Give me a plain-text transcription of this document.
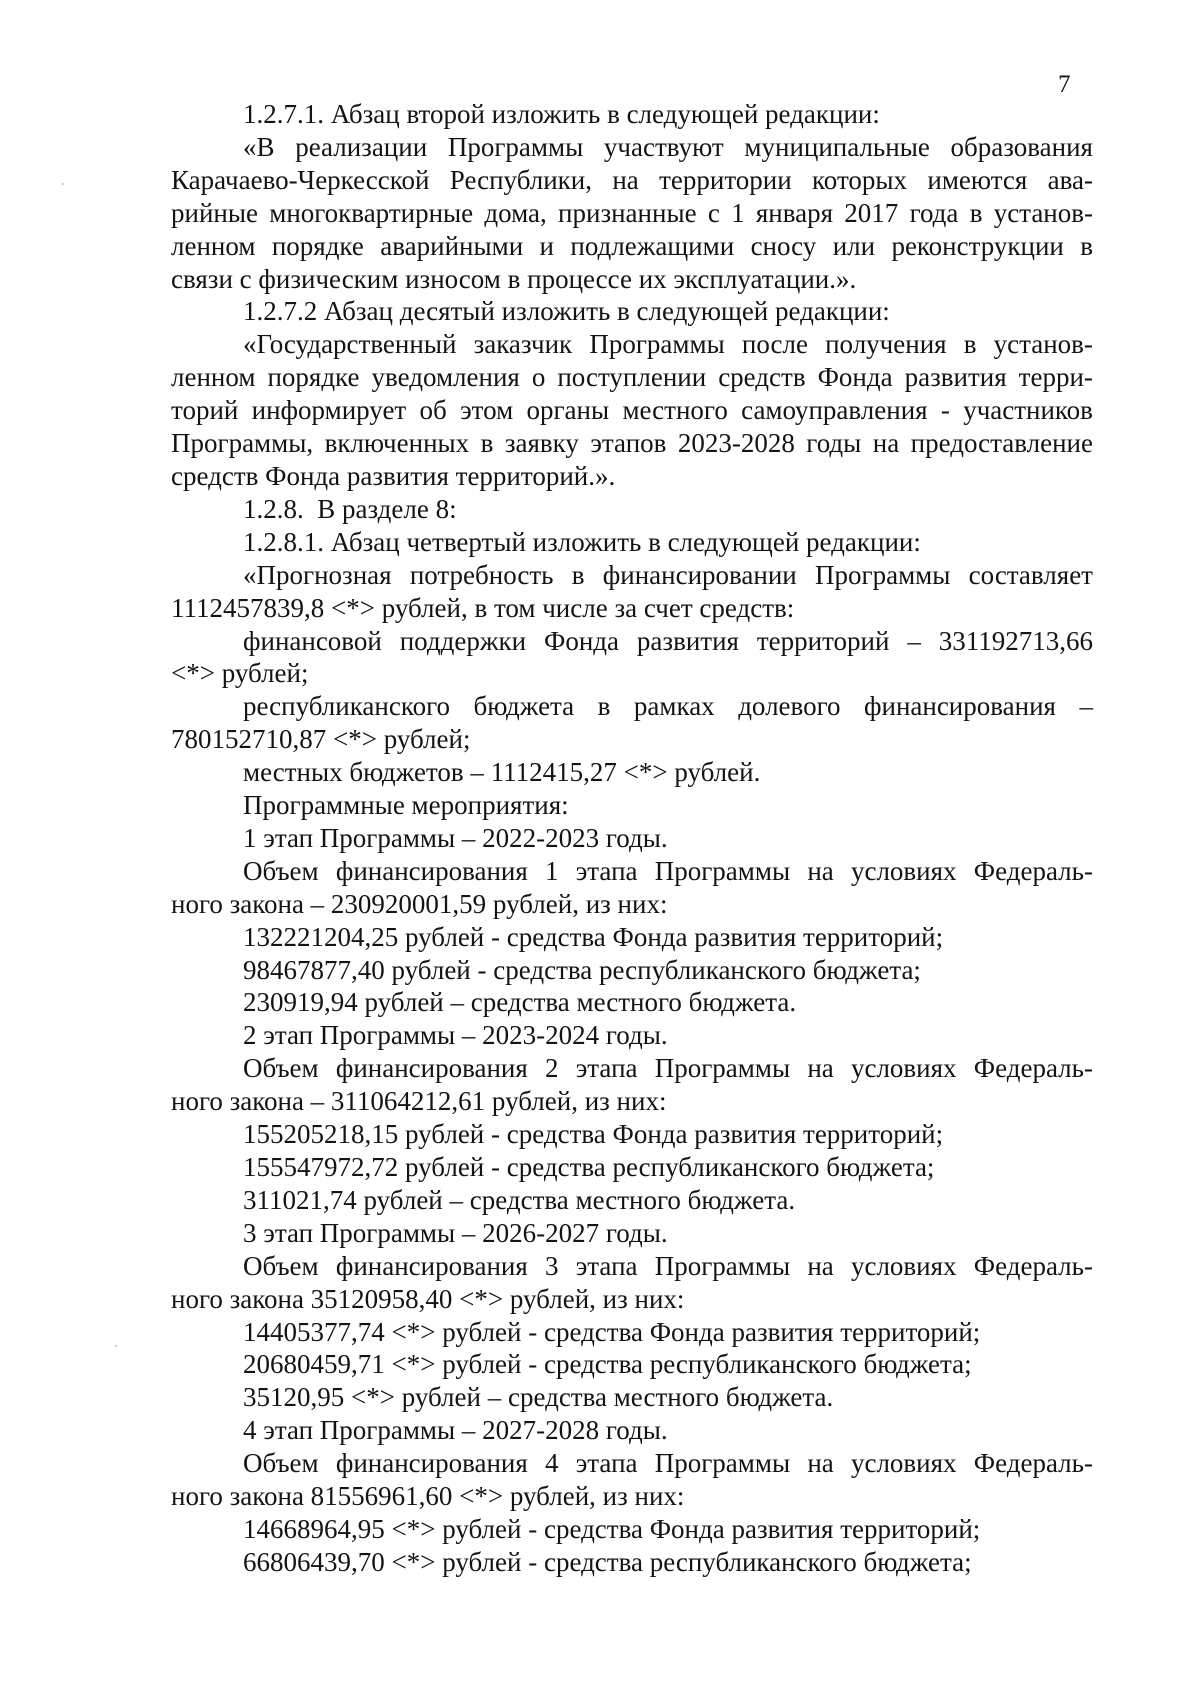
7

1.2.7.1. Абзац второй изложить в следующей редакции:

«В реализации Программы участвуют муниципальные образования
Карачаево-Черкесской Республики, на территории которых имеются ава-
рийные многоквартирные дома, признанные с 1 января 2017 года в установ-
ленном порядке аварийными и подлежащими сносу или реконструкции в
связи с физическим износом в процессе их эксплуатации.».

1.2.7.2 Абзац десятый изложить в следующей редакции:

«Государственный заказчик Программы после получения в установ-
ленном порядке уведомления о поступлении средств Фонда развития терри-
торий информирует об этом органы местного самоуправления - участников
Программы, включенных в заявку этапов 2023-2028 годы на предоставление
средств Фонда развития территорий.».

1.2.8.  В разделе 8:

1.2.8.1. Абзац четвертый изложить в следующей редакции:

«Прогнозная потребность в финансировании Программы составляет
1112457839,8 <*> рублей, в том числе за счет средств:

финансовой поддержки Фонда развития территорий – 331192713,66
<*> рублей;

республиканского бюджета в рамках долевого финансирования –
780152710,87 <*> рублей;

местных бюджетов – 1112415,27 <*> рублей.

Программные мероприятия:

1 этап Программы – 2022-2023 годы.

Объем финансирования 1 этапа Программы на условиях Федераль-
ного закона – 230920001,59 рублей, из них:

132221204,25 рублей - средства Фонда развития территорий;

98467877,40 рублей - средства республиканского бюджета;

230919,94 рублей – средства местного бюджета.

2 этап Программы – 2023-2024 годы.

Объем финансирования 2 этапа Программы на условиях Федераль-
ного закона – 311064212,61 рублей, из них:

155205218,15 рублей - средства Фонда развития территорий;

155547972,72 рублей - средства республиканского бюджета;

311021,74 рублей – средства местного бюджета.

3 этап Программы – 2026-2027 годы.

Объем финансирования 3 этапа Программы на условиях Федераль-
ного закона 35120958,40 <*> рублей, из них:

14405377,74 <*> рублей - средства Фонда развития территорий;

20680459,71 <*> рублей - средства республиканского бюджета;

35120,95 <*> рублей – средства местного бюджета.

4 этап Программы – 2027-2028 годы.

Объем финансирования 4 этапа Программы на условиях Федераль-
ного закона 81556961,60 <*> рублей, из них:

14668964,95 <*> рублей - средства Фонда развития территорий;

66806439,70 <*> рублей - средства республиканского бюджета;
